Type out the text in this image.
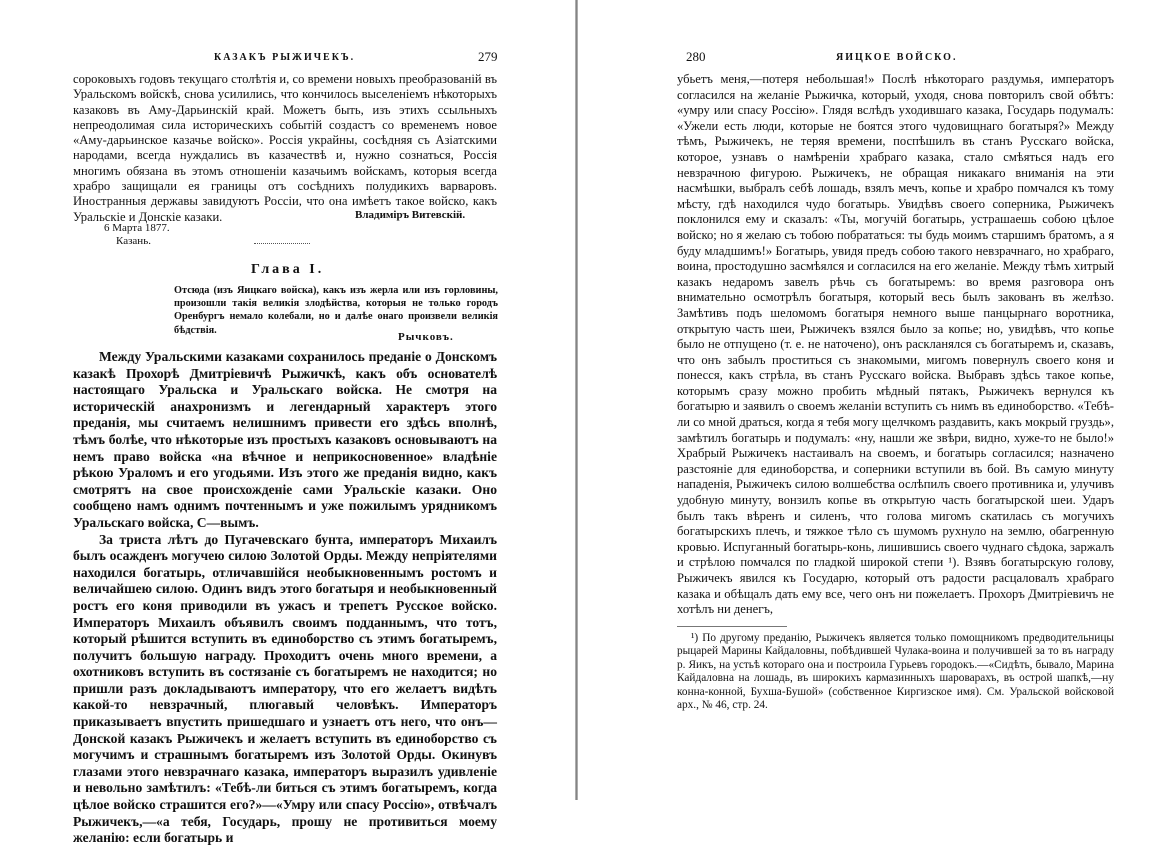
КАЗАКЪ РЫЖИЧЕКЪ.	279

сороковыхъ годовъ текущаго столѣтія и, со времени новыхъ преобразованій въ Уральскомъ войскѣ, снова усилились, что кончилось выселеніемъ нѣкоторыхъ казаковъ въ Аму-Дарьинскій край. Можетъ быть, изъ этихъ ссыльныхъ непреодолимая сила историческихъ событій создастъ со временемъ новое «Аму-дарьинское казачье войско». Россія украйны, сосѣдняя съ Азіатскими народами, всегда нуждались въ казачествѣ и, нужно сознаться, Россія многимъ обязана въ этомъ отношеніи казачьимъ войскамъ, которыя всегда храбро защищали ея границы отъ сосѣднихъ полудикихъ варваровъ. Иностранныя державы завидуютъ Россіи, что она имѣетъ такое войско, какъ Уральскіе и Донскіе казаки.	Владиміръ Витевскій.
6 Марта 1877.
Казань.
Глава I.
Отсюда (изъ Яицкаго войска), какъ изъ жерла или изъ горловины, произошли такія великія злодѣйства, которыя не только городъ Оренбургъ немало колебали, но и далѣе онаго произвели великія бѣдствія.
Рычковъ.

Между Уральскими казаками сохранилось преданіе о Донскомъ казакѣ Прохорѣ Дмитріевичѣ Рыжичкѣ, какъ объ основателѣ настоящаго Уральска и Уральскаго войска. Не смотря на историческій анахронизмъ и легендарный характеръ этого преданія, мы считаемъ нелишнимъ привести его здѣсь вполнѣ, тѣмъ болѣе, что нѣкоторые изъ простыхъ казаковъ основываютъ на немъ право войска «на вѣчное и неприкосновенное» владѣніе рѣкою Ураломъ и его угодьями. Изъ этого же преданія видно, какъ смотрятъ на свое происхожденіе сами Уральскіе казаки. Оно сообщено намъ однимъ почтеннымъ и уже пожилымъ урядникомъ Уральскаго войска, С—вымъ.

За триста лѣтъ до Пугачевскаго бунта, императоръ Михаилъ былъ осажденъ могучею силою Золотой Орды. Между непріятелями находился богатырь, отличавшійся необыкновеннымъ ростомъ и величайшею силою. Одинъ видъ этого богатыря и необыкновенный ростъ его коня приводили въ ужасъ и трепетъ Русское войско. Императоръ Михаилъ объявилъ своимъ подданнымъ, что тотъ, который рѣшится вступить въ единоборство съ этимъ богатыремъ, получитъ большую награду. Проходитъ очень много времени, а охотниковъ вступить въ состязаніе съ богатыремъ не находится; но пришли разъ докладываютъ императору, что его желаетъ видѣть какой-то невзрачный, плюгавый человѣкъ. Императоръ приказываетъ впустить пришедшаго и узнаетъ отъ него, что онъ—Донской казакъ Рыжичекъ и желаетъ вступить въ единоборство съ могучимъ и страшнымъ богатыремъ изъ Золотой Орды. Окинувъ глазами этого невзрачнаго казака, императоръ выразилъ удивленіе и невольно замѣтилъ: «Тебѣ-ли биться съ этимъ богатыремъ, когда цѣлое войско страшится его?»—«Умру или спасу Россію», отвѣчалъ Рыжичекъ,—«а тебя, Государь, прошу не противиться моему желанію: если богатырь и

280	ЯИЦКОЕ ВОЙСКО.

убьетъ меня,—потеря небольшая!» Послѣ нѣкотораго раздумья, императоръ согласился на желаніе Рыжичка, который, уходя, снова повторилъ свой обѣтъ: «умру или спасу Россію». Глядя вслѣдъ уходившаго казака, Государь подумалъ: «Ужели есть люди, которые не боятся этого чудовищнаго богатыря?» Между тѣмъ, Рыжичекъ, не теряя времени, поспѣшилъ въ станъ Русскаго войска, которое, узнавъ о намѣреніи храбраго казака, стало смѣяться надъ его невзрачною фигурою. Рыжичекъ, не обращая никакаго вниманія на эти насмѣшки, выбралъ себѣ лошадь, взялъ мечъ, копье и храбро помчался къ тому мѣсту, гдѣ находился чудо богатырь. Увидѣвъ своего соперника, Рыжичекъ поклонился ему и сказалъ: «Ты, могучій богатырь, устрашаешь собою цѣлое войско; но я желаю съ тобою побрататься: ты будь моимъ старшимъ братомъ, а я буду младшимъ!» Богатырь, увидя предъ собою такого невзрачнаго, но храбраго, воина, простодушно засмѣялся и согласился на его желаніе. Между тѣмъ хитрый казакъ недаромъ завелъ рѣчь съ богатыремъ: во время разговора онъ внимательно осмотрѣлъ богатыря, который весь былъ закованъ въ желѣзо. Замѣтивъ подъ шеломомъ богатыря немного выше панцырнаго воротника, открытую часть шеи, Рыжичекъ взялся было за копье; но, увидѣвъ, что копье было не отпущено (т. е. не наточено), онъ раскланялся съ богатыремъ и, сказавъ, что онъ забылъ проститься съ знакомыми, мигомъ повернулъ своего коня и понесся, какъ стрѣла, въ станъ Русскаго войска. Выбравъ здѣсь такое копье, которымъ сразу можно пробить мѣдный пятакъ, Рыжичекъ вернулся къ богатырю и заявилъ о своемъ желаніи вступить съ нимъ въ единоборство. «Тебѣ-ли со мной драться, когда я тебя могу щелчкомъ раздавить, какъ мокрый груздь», замѣтилъ богатырь и подумалъ: «ну, нашли же звѣри, видно, хуже-то не было!» Храбрый Рыжичекъ настаивалъ на своемъ, и богатырь согласился; назначено разстояніе для единоборства, и соперники вступили въ бой. Въ самую минуту нападенія, Рыжичекъ силою волшебства ослѣпилъ своего противника и, улучивъ удобную минуту, вонзилъ копье въ открытую часть богатырской шеи. Ударъ былъ такъ вѣренъ и силенъ, что голова мигомъ скатилась съ могучихъ богатырскихъ плечъ, и тяжкое тѣло съ шумомъ рухнуло на землю, обагренную кровью. Испуганный богатырь-конь, лишившись своего чуднаго сѣдока, заржалъ и стрѣлою помчался по гладкой широкой степи ¹). Взявъ богатырскую голову, Рыжичекъ явился къ Государю, который отъ радости расцаловалъ храбраго казака и обѣщалъ дать ему все, чего онъ ни пожелаетъ. Прохоръ Дмитріевичъ не хотѣлъ ни денегъ,

¹) По другому преданію, Рыжичекъ является только помощникомъ предводительницы рыцарей Марины Кайдаловны, побѣдившей Чулака-воина и получившей за то въ награду р. Яикъ, на устьѣ котораго она и построила Гурьевъ городокъ.—«Сидѣть, бывало, Марина Кайдаловна на лошадь, въ широкихъ кармазинныхъ шароварахъ, въ острой шапкѣ,—ну конна-конной, Бухша-Бушой» (собственное Киргизское имя). См. Уральской войсковой арх., № 46, стр. 24.
